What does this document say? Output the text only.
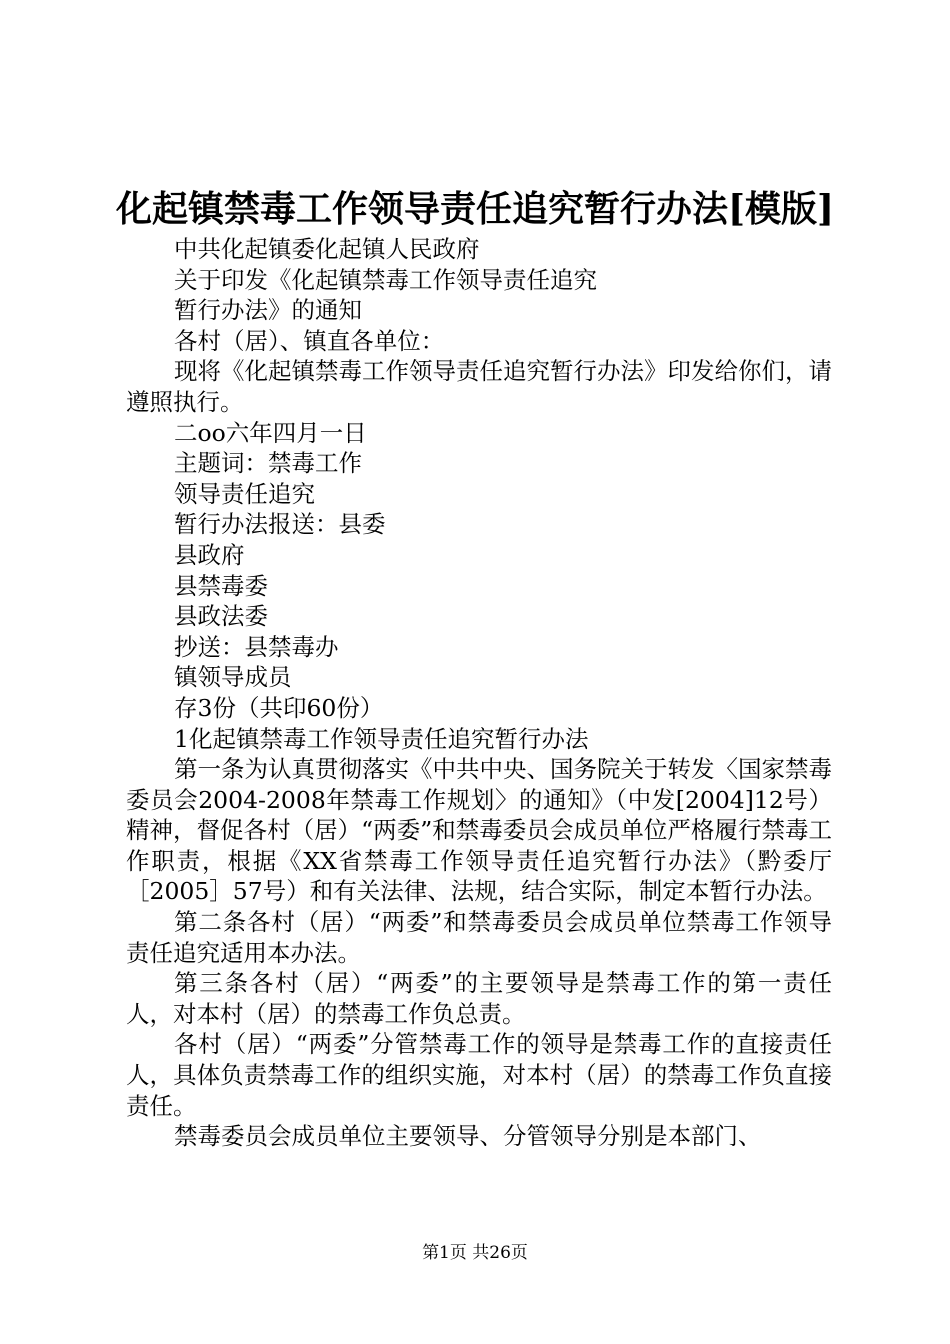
化起镇禁毒工作领导责任追究暂行办法[模版]
中共化起镇委化起镇人民政府
关于印发《化起镇禁毒工作领导责任追究
暂行办法》的通知
各村（居）、镇直各单位：

现将《化起镇禁毒工作领导责任追究暂行办法》印发给你们，请遵照执行。

二oo六年四月一日
主题词：禁毒工作
领导责任追究
暂行办法报送：县委
县政府
县禁毒委
县政法委
抄送：县禁毒办
镇领导成员
存3份（共印60份）
1化起镇禁毒工作领导责任追究暂行办法

第一条为认真贯彻落实《中共中央、国务院关于转发〈国家禁毒委员会2004-2008年禁毒工作规划〉的通知》（中发[2004]12号）精神，督促各村（居）“两委”和禁毒委员会成员单位严格履行禁毒工作职责，根据《XX省禁毒工作领导责任追究暂行办法》（黔委厅［2005］57号）和有关法律、法规，结合实际，制定本暂行办法。

第二条各村（居）“两委”和禁毒委员会成员单位禁毒工作领导责任追究适用本办法。

第三条各村（居）“两委”的主要领导是禁毒工作的第一责任人，对本村（居）的禁毒工作负总责。

各村（居）“两委”分管禁毒工作的领导是禁毒工作的直接责任人，具体负责禁毒工作的组织实施，对本村（居）的禁毒工作负直接责任。

禁毒委员会成员单位主要领导、分管领导分别是本部门、

第1页 共26页
